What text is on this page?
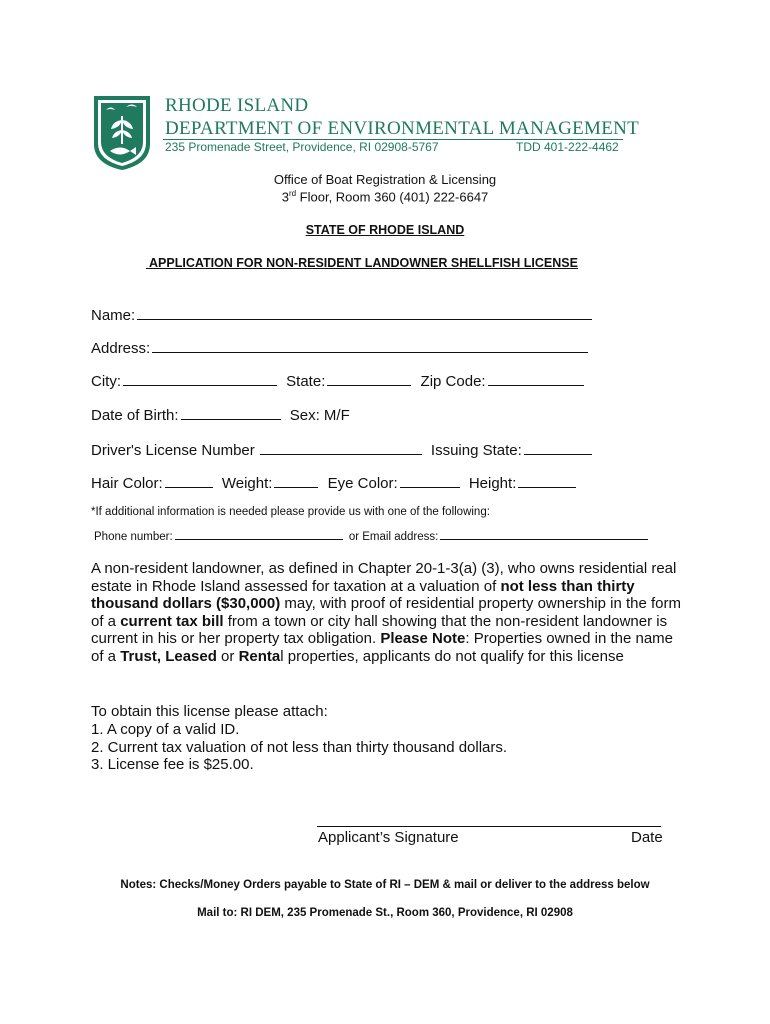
RHODE ISLAND
DEPARTMENT OF ENVIRONMENTAL MANAGEMENT
235 Promenade Street, Providence, RI 02908-5767	TDD 401-222-4462
Office of Boat Registration & Licensing
3rd Floor, Room 360 (401) 222-6647
STATE OF RHODE ISLAND
APPLICATION FOR NON-RESIDENT LANDOWNER SHELLFISH LICENSE
Name:
Address:
City:	State:	Zip Code:
Date of Birth:	Sex: M/F
Driver's License Number	Issuing State:
Hair Color:	Weight:	Eye Color:	Height:
*If additional information is needed please provide us with one of the following:
Phone number:	or Email address:
A non-resident landowner, as defined in Chapter 20-1-3(a) (3), who owns residential real estate in Rhode Island assessed for taxation at a valuation of not less than thirty thousand dollars ($30,000) may, with proof of residential property ownership in the form of a current tax bill from a town or city hall showing that the non-resident landowner is current in his or her property tax obligation. Please Note: Properties owned in the name of a Trust, Leased or Rental properties, applicants do not qualify for this license
To obtain this license please attach:
1. A copy of a valid ID.
2. Current tax valuation of not less than thirty thousand dollars.
3. License fee is $25.00.
Applicant’s Signature	Date
Notes: Checks/Money Orders payable to State of RI – DEM & mail or deliver to the address below
Mail to: RI DEM, 235 Promenade St., Room 360, Providence, RI 02908
